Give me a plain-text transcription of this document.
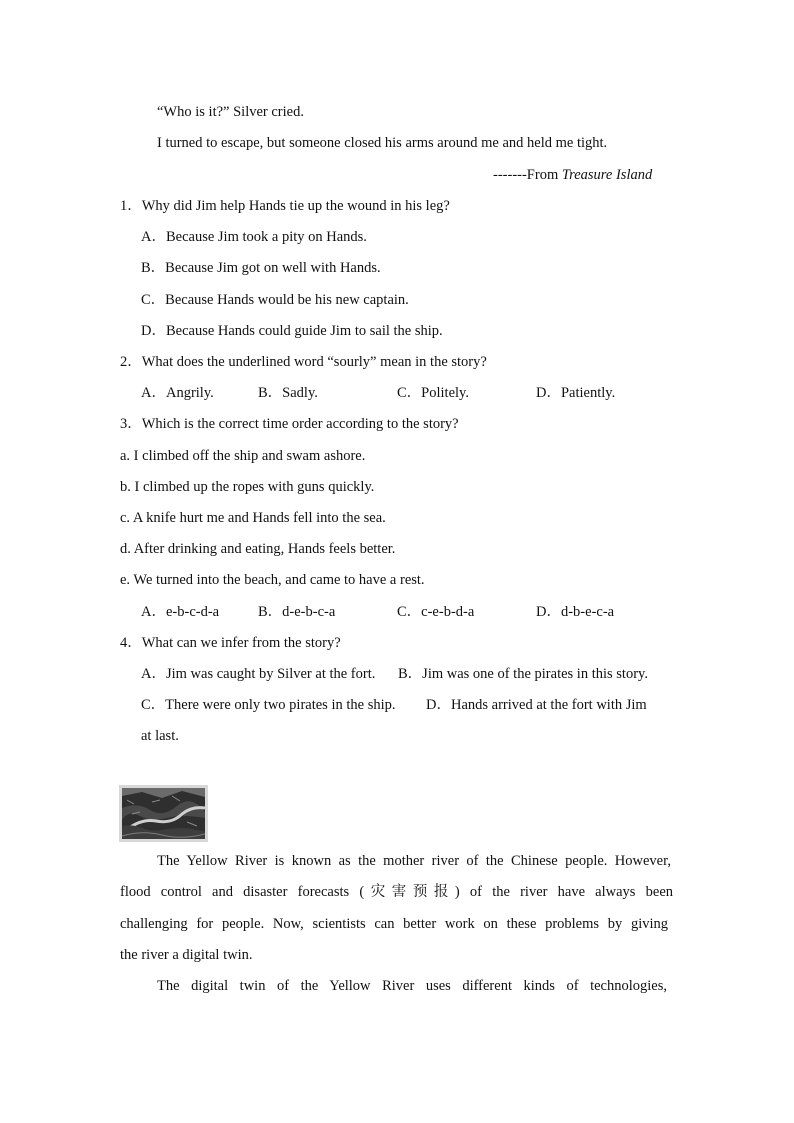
“Who is it?” Silver cried.
I turned to escape, but someone closed his arms around me and held me tight.
-------From Treasure Island
1．Why did Jim help Hands tie up the wound in his leg?
A．Because Jim took a pity on Hands.
B．Because Jim got on well with Hands.
C．Because Hands would be his new captain.
D．Because Hands could guide Jim to sail the ship.
2．What does the underlined word “sourly” mean in the story?
A．Angrily.	B．Sadly.	C．Politely.	D．Patiently.
3．Which is the correct time order according to the story?
a. I climbed off the ship and swam ashore.
b. I climbed up the ropes with guns quickly.
c. A knife hurt me and Hands fell into the sea.
d. After drinking and eating, Hands feels better.
e. We turned into the beach, and came to have a rest.
A．e-b-c-d-a	B．d-e-b-c-a	C．c-e-b-d-a	D．d-b-e-c-a
4．What can we infer from the story?
A．Jim was caught by Silver at the fort. B．Jim was one of the pirates in this story.
C．There were only two pirates in the ship. D．Hands arrived at the fort with Jim
at last.
The Yellow River is known as the mother river of the Chinese people. However,
flood control and disaster forecasts (灾害预报) of the river have always been
challenging for people. Now, scientists can better work on these problems by giving
the river a digital twin.
The digital twin of the Yellow River uses different kinds of technologies,
